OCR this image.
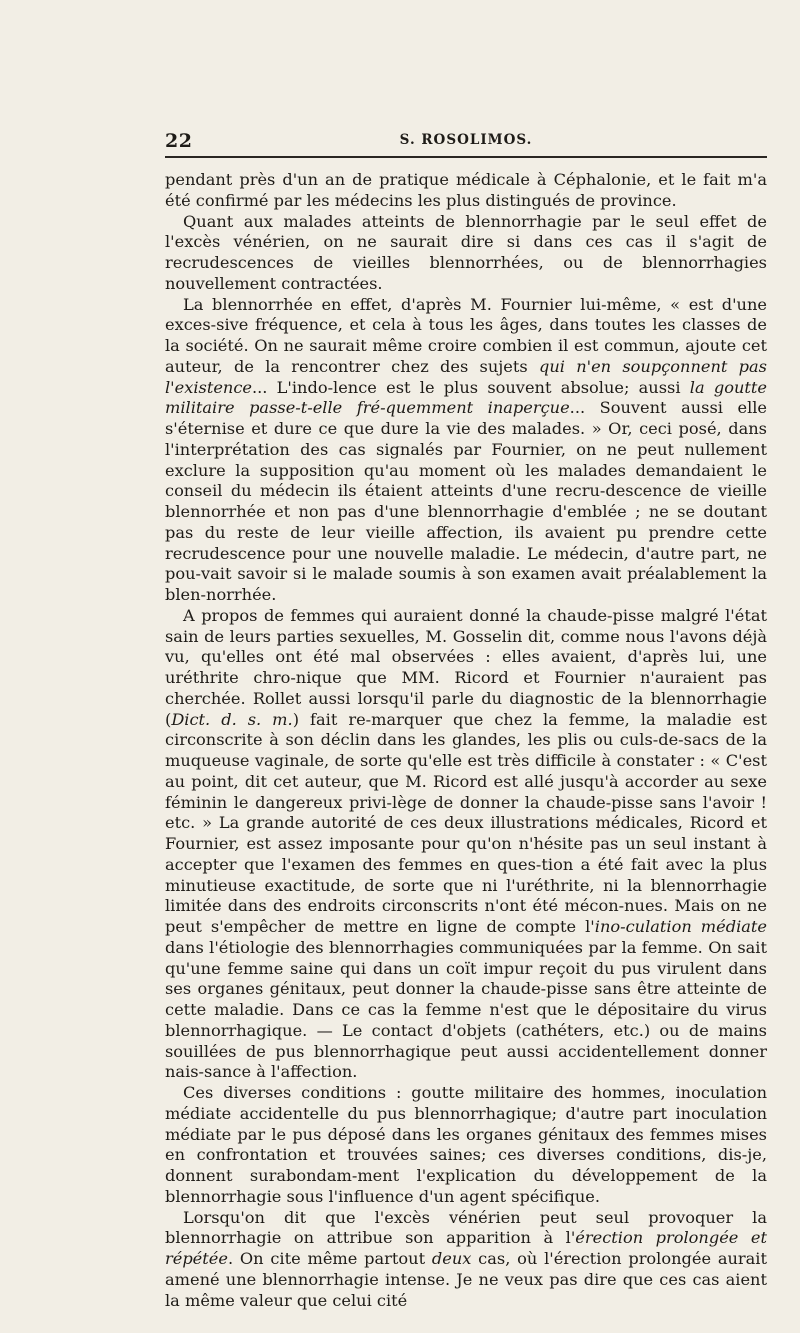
22	S. ROSOLIMOS.

pendant près d'un an de pratique médicale à Céphalonie, et le fait m'a été confirmé par les médecins les plus distingués de province.

Quant aux malades atteints de blennorrhagie par le seul effet de l'excès vénérien, on ne saurait dire si dans ces cas il s'agit de recrudescences de vieilles blennorrhées, ou de blennorrhagies nouvellement contractées.

La blennorrhée en effet, d'après M. Fournier lui-même, « est d'une exces-sive fréquence, et cela à tous les âges, dans toutes les classes de la société. On ne saurait même croire combien il est commun, ajoute cet auteur, de la rencontrer chez des sujets qui n'en soupçonnent pas l'existence... L'indo-lence est le plus souvent absolue; aussi la goutte militaire passe-t-elle fré-quemment inaperçue... Souvent aussi elle s'éternise et dure ce que dure la vie des malades. » Or, ceci posé, dans l'interprétation des cas signalés par Fournier, on ne peut nullement exclure la supposition qu'au moment où les malades demandaient le conseil du médecin ils étaient atteints d'une recru-descence de vieille blennorrhée et non pas d'une blennorrhagie d'emblée ; ne se doutant pas du reste de leur vieille affection, ils avaient pu prendre cette recrudescence pour une nouvelle maladie. Le médecin, d'autre part, ne pou-vait savoir si le malade soumis à son examen avait préalablement la blen-norrhée.

A propos de femmes qui auraient donné la chaude-pisse malgré l'état sain de leurs parties sexuelles, M. Gosselin dit, comme nous l'avons déjà vu, qu'elles ont été mal observées : elles avaient, d'après lui, une uréthrite chro-nique que MM. Ricord et Fournier n'auraient pas cherchée. Rollet aussi lorsqu'il parle du diagnostic de la blennorrhagie (Dict. d. s. m.) fait re-marquer que chez la femme, la maladie est circonscrite à son déclin dans les glandes, les plis ou culs-de-sacs de la muqueuse vaginale, de sorte qu'elle est très difficile à constater : « C'est au point, dit cet auteur, que M. Ricord est allé jusqu'à accorder au sexe féminin le dangereux privi-lège de donner la chaude-pisse sans l'avoir ! etc. » La grande autorité de ces deux illustrations médicales, Ricord et Fournier, est assez imposante pour qu'on n'hésite pas un seul instant à accepter que l'examen des femmes en ques-tion a été fait avec la plus minutieuse exactitude, de sorte que ni l'uréthrite, ni la blennorrhagie limitée dans des endroits circonscrits n'ont été mécon-nues. Mais on ne peut s'empêcher de mettre en ligne de compte l'ino-culation médiate dans l'étiologie des blennorrhagies communiquées par la femme. On sait qu'une femme saine qui dans un coït impur reçoit du pus virulent dans ses organes génitaux, peut donner la chaude-pisse sans être atteinte de cette maladie. Dans ce cas la femme n'est que le dépositaire du virus blennorrhagique. — Le contact d'objets (cathéters, etc.) ou de mains souillées de pus blennorrhagique peut aussi accidentellement donner nais-sance à l'affection.

Ces diverses conditions : goutte militaire des hommes, inoculation médiate accidentelle du pus blennorrhagique; d'autre part inoculation médiate par le pus déposé dans les organes génitaux des femmes mises en confrontation et trouvées saines; ces diverses conditions, dis-je, donnent surabondam-ment l'explication du développement de la blennorrhagie sous l'influence d'un agent spécifique.

Lorsqu'on dit que l'excès vénérien peut seul provoquer la blennorrhagie on attribue son apparition à l'érection prolongée et répétée. On cite même partout deux cas, où l'érection prolongée aurait amené une blennorrhagie intense. Je ne veux pas dire que ces cas aient la même valeur que celui cité
